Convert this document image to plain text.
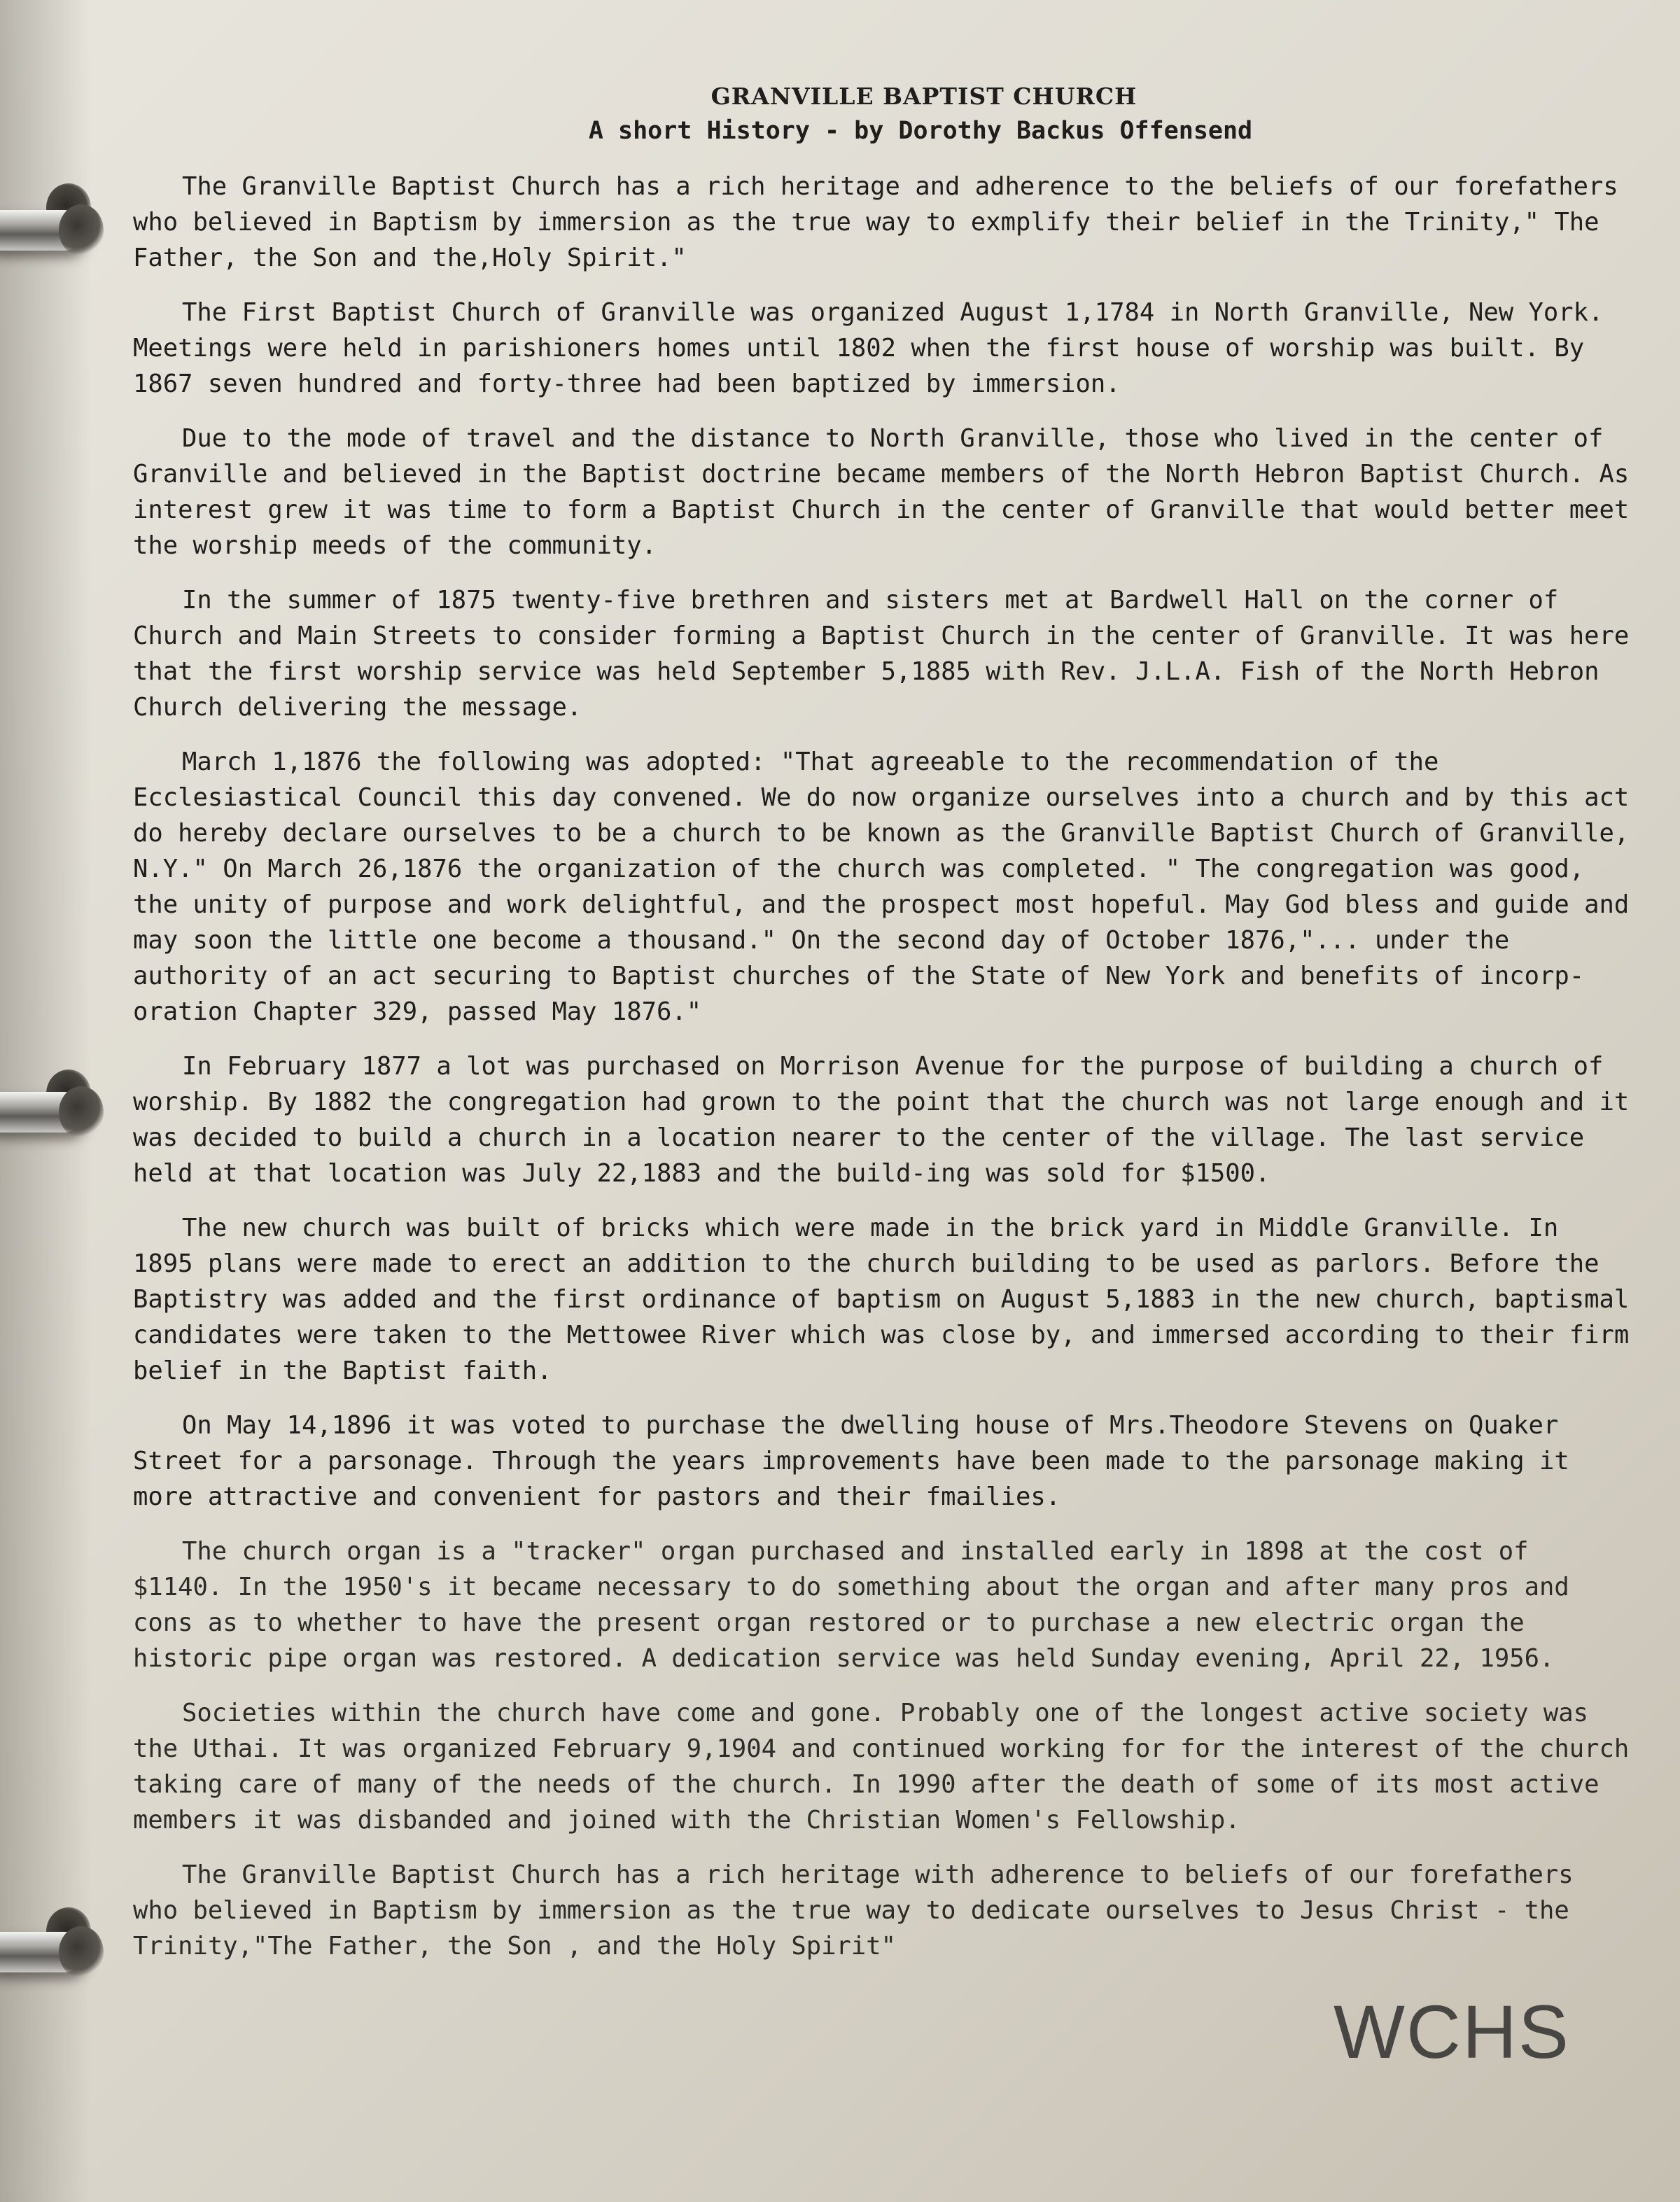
GRANVILLE BAPTIST CHURCH
A short History - by Dorothy Backus Offensend

The Granville Baptist Church has a rich heritage and adherence to the beliefs of our forefathers who believed in Baptism by immersion as the true way to exmplify their belief in the Trinity," The Father, the Son and the,Holy Spirit."

The First Baptist Church of Granville was organized August 1,1784 in North Granville, New York. Meetings were held in parishioners homes until 1802 when the first house of worship was built. By 1867 seven hundred and forty-three had been baptized by immersion.

Due to the mode of travel and the distance to North Granville, those who lived in the center of Granville and believed in the Baptist doctrine became members of the North Hebron Baptist Church. As interest grew it was time to form a Baptist Church in the center of Granville that would better meet the worship meeds of the community.

In the summer of 1875 twenty-five brethren and sisters met at Bardwell Hall on the corner of Church and Main Streets to consider forming a Baptist Church in the center of Granville. It was here that the first worship service was held September 5,1885 with Rev. J.L.A. Fish of the North Hebron Church delivering the message.

March 1,1876 the following was adopted: "That agreeable to the recommendation of the Ecclesiastical Council this day convened. We do now organize ourselves into a church and by this act do hereby declare ourselves to be a church to be known as the Granville Baptist Church of Granville, N.Y." On March 26,1876 the organization of the church was completed. " The congregation was good, the unity of purpose and work delightful, and the prospect most hopeful. May God bless and guide and may soon the little one become a thousand." On the second day of October 1876,"... under the authority of an act securing to Baptist churches of the State of New York and benefits of incorp-oration Chapter 329, passed May 1876."

In February 1877 a lot was purchased on Morrison Avenue for the purpose of building a church of worship. By 1882 the congregation had grown to the point that the church was not large enough and it was decided to build a church in a location nearer to the center of the village. The last service held at that location was July 22,1883 and the build-ing was sold for $1500.

The new church was built of bricks which were made in the brick yard in Middle Granville. In 1895 plans were made to erect an addition to the church building to be used as parlors. Before the Baptistry was added and the first ordinance of baptism on August 5,1883 in the new church, baptismal candidates were taken to the Mettowee River which was close by, and immersed according to their firm belief in the Baptist faith.

On May 14,1896 it was voted to purchase the dwelling house of Mrs.Theodore Stevens on Quaker Street for a parsonage. Through the years improvements have been made to the parsonage making it more attractive and convenient for pastors and their fmailies.

The church organ is a "tracker" organ purchased and installed early in 1898 at the cost of $1140. In the 1950's it became necessary to do something about the organ and after many pros and cons as to whether to have the present organ restored or to purchase a new electric organ the historic pipe organ was restored. A dedication service was held Sunday evening, April 22, 1956.

Societies within the church have come and gone. Probably one of the longest active society was the Uthai. It was organized February 9,1904 and continued working for for the interest of the church taking care of many of the needs of the church. In 1990 after the death of some of its most active members it was disbanded and joined with the Christian Women's Fellowship.

The Granville Baptist Church has a rich heritage with adherence to beliefs of our forefathers who believed in Baptism by immersion as the true way to dedicate ourselves to Jesus Christ - the Trinity,"The Father, the Son , and the Holy Spirit"

WCHS
